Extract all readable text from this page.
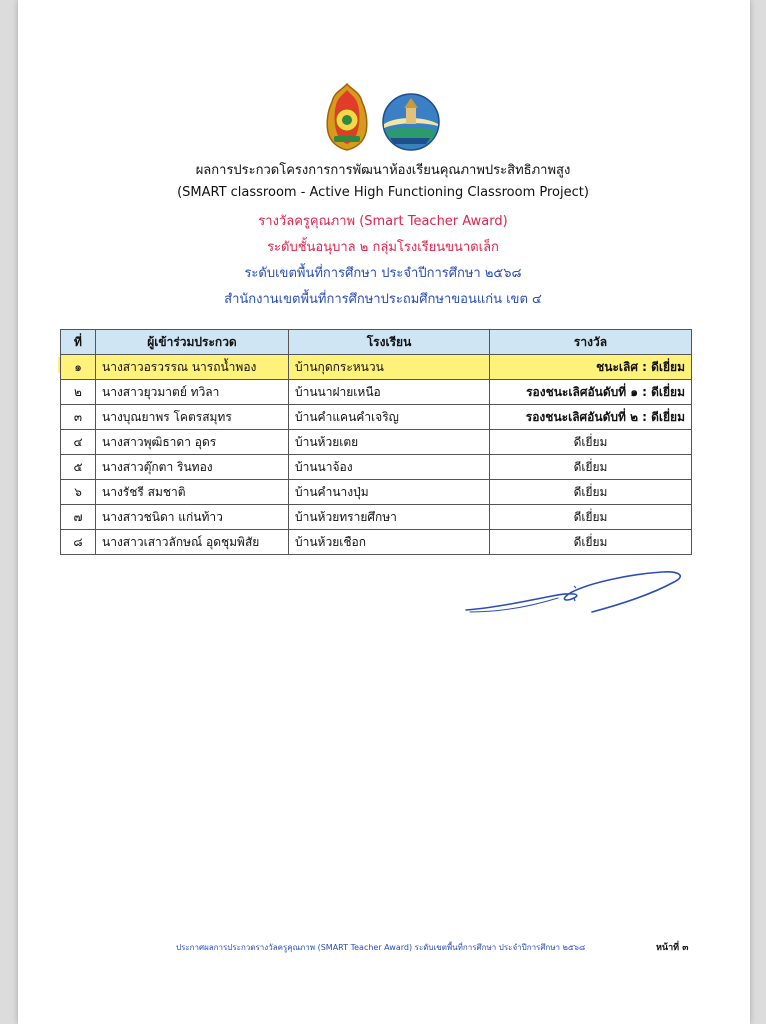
ผลการประกวดโครงการการพัฒนาห้องเรียนคุณภาพประสิทธิภาพสูง
(SMART classroom - Active High Functioning Classroom Project)
รางวัลครูคุณภาพ (Smart Teacher Award)
ระดับชั้นอนุบาล ๒ กลุ่มโรงเรียนขนาดเล็ก
ระดับเขตพื้นที่การศึกษา ประจำปีการศึกษา ๒๕๖๘
สำนักงานเขตพื้นที่การศึกษาประถมศึกษาขอนแก่น เขต ๔
ที่	ผู้เข้าร่วมประกวด	โรงเรียน	รางวัล
๑	นางสาวอรวรรณ นารถน้ำพอง	บ้านกุดกระหนวน	ชนะเลิศ : ดีเยี่ยม
๒	นางสาวยุวมาตย์ ทวิลา	บ้านนาฝายเหนือ	รองชนะเลิศอันดับที่ ๑ : ดีเยี่ยม
๓	นางบุณยาพร โคตรสมุทร	บ้านคำแคนคำเจริญ	รองชนะเลิศอันดับที่ ๒ : ดีเยี่ยม
๔	นางสาวพุฒิธาดา อุดร	บ้านห้วยเตย	ดีเยี่ยม
๕	นางสาวตุ๊กตา รินทอง	บ้านนาจ้อง	ดีเยี่ยม
๖	นางรัชรี สมชาติ	บ้านคำนางปุ่ม	ดีเยี่ยม
๗	นางสาวชนิดา แก่นท้าว	บ้านห้วยทรายศึกษา	ดีเยี่ยม
๘	นางสาวเสาวลักษณ์ อุดชุมพิสัย	บ้านห้วยเชือก	ดีเยี่ยม
ประกาศผลการประกวดรางวัลครูคุณภาพ (SMART Teacher Award) ระดับเขตพื้นที่การศึกษา ประจำปีการศึกษา ๒๕๖๘	หน้าที่ ๓
